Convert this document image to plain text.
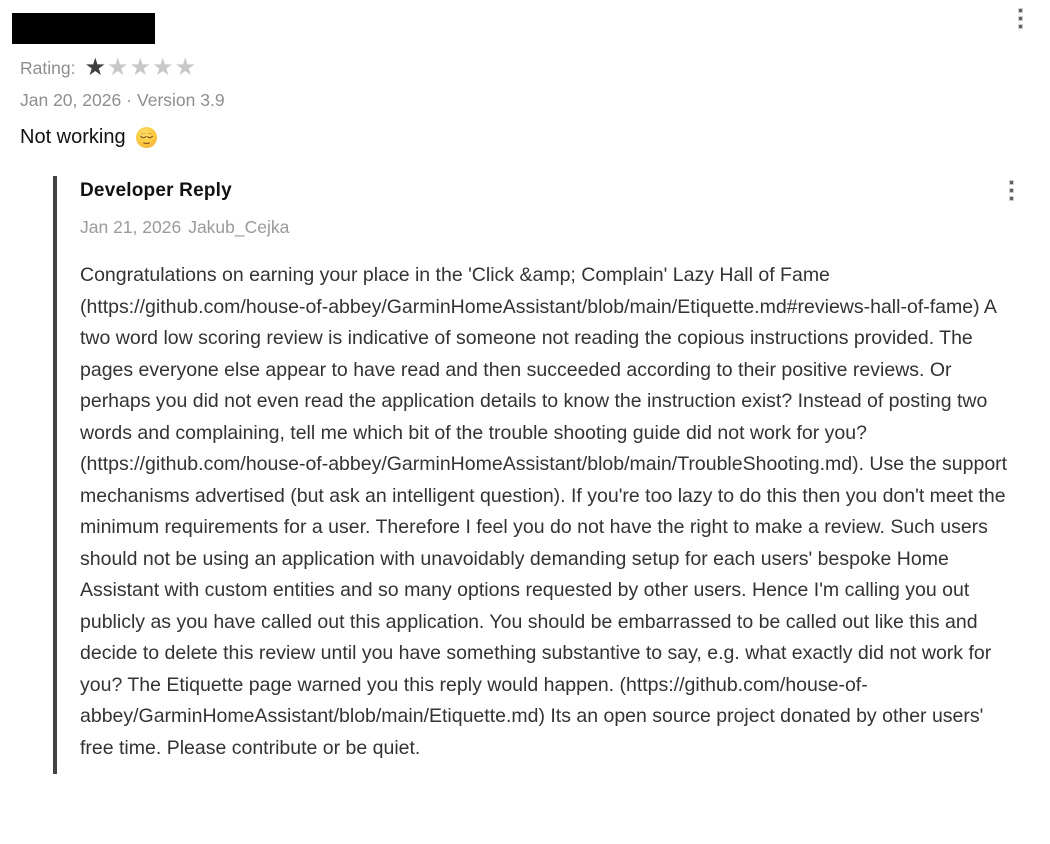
Rating: ★ ★ ★ ★ ★
Jan 20, 2026 · Version 3.9
Not working
Developer Reply
Jan 21, 2026 Jakub_Cejka

Congratulations on earning your place in the 'Click &amp; Complain' Lazy Hall of Fame (https://github.com/house-of-abbey/GarminHomeAssistant/blob/main/Etiquette.md#reviews-hall-of-fame) A two word low scoring review is indicative of someone not reading the copious instructions provided. The pages everyone else appear to have read and then succeeded according to their positive reviews. Or perhaps you did not even read the application details to know the instruction exist? Instead of posting two words and complaining, tell me which bit of the trouble shooting guide did not work for you? (https://github.com/house-of-abbey/GarminHomeAssistant/blob/main/TroubleShooting.md). Use the support mechanisms advertised (but ask an intelligent question). If you're too lazy to do this then you don't meet the minimum requirements for a user. Therefore I feel you do not have the right to make a review. Such users should not be using an application with unavoidably demanding setup for each users' bespoke Home Assistant with custom entities and so many options requested by other users. Hence I'm calling you out publicly as you have called out this application. You should be embarrassed to be called out like this and decide to delete this review until you have something substantive to say, e.g. what exactly did not work for you? The Etiquette page warned you this reply would happen. (https://github.com/house-of-abbey/GarminHomeAssistant/blob/main/Etiquette.md) Its an open source project donated by other users' free time. Please contribute or be quiet.
